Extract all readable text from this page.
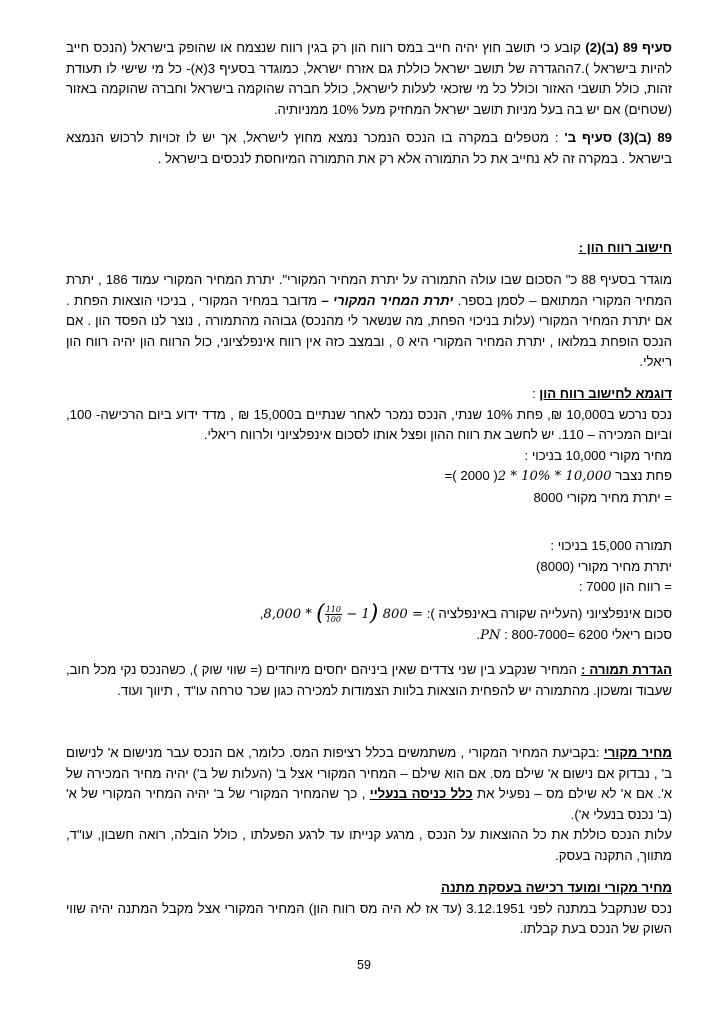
סעיף 89 (ב)(2) קובע כי תושב חוץ יהיה חייב במס רווח הון רק בגין רווח שנצמח או שהופק בישראל (הנכס חייב להיות בישראל ).7ההגדרה של תושב ישראל כוללת גם אזרח ישראל, כמוגדר בסעיף 3(א)- כל מי שישי לו תעודת זהות, כולל תושבי האזור וכולל כל מי שזכאי לעלות לישראל, כולל חברה שהוקמה בישראל וחברה שהוקמה באזור (שטחים) אם יש בה בעל מניות תושב ישראל המחזיק מעל 10% ממניותיה.

89 (ב)(3) סעיף ב' : מטפלים במקרה בו הנכס הנמכר נמצא מחוץ לישראל, אך יש לו זכויות לרכוש הנמצא בישראל . במקרה זה לא נחייב את כל התמורה אלא רק את התמורה המיוחסת לנכסים בישראל .

חישוב רווח הון :

מוגדר בסעיף 88 כ" הסכום שבו עולה התמורה על יתרת המחיר המקורי". יתרת המחיר המקורי עמוד 186 , יתרת המחיר המקורי המתואם – לסמן בספר. יתרת המחיר המקורי – מדובר במחיר המקורי , בניכוי הוצאות הפחת . אם יתרת המחיר המקורי (עלות בניכוי הפחת, מה שנשאר לי מהנכס) גבוהה מהתמורה , נוצר לנו הפסד הון . אם הנכס הופחת במלואו , יתרת המחיר המקורי היא 0 , ובמצב כזה אין רווח אינפלציוני, כול הרווח הון יהיה רווח הון ריאלי.

דוגמא לחישוב רווח הון :

נכס נרכש ב10,000 ₪, פחת 10% שנתי, הנכס נמכר לאחר שנתיים ב15,000 ₪ , מדד ידוע ביום הרכישה- 100, וביום המכירה – 110. יש לחשב את רווח ההון ופצל אותו לסכום אינפלציוני ולרווח ריאלי.

מחיר מקורי 10,000 בניכוי :
פחת נצבר 2 * 10% * 10,000=( 2000 )
= יתרת מחיר מקורי 8000
תמורה 15,000 בניכוי :
יתרת מחיר מקורי (8000)
= רווח הון 7000 :
סכום אינפלציוני (העלייה שקורה באינפלציה ): 8,000 * ( $\frac{110}{100} - 1$) 800 =,
סכום ריאלי PN : 800-7000= 6200.

הגדרת תמורה : המחיר שנקבע בין שני צדדים שאין ביניהם יחסים מיוחדים (= שווי שוק ), כשהנכס נקי מכל חוב, שעבוד ומשכון. מהתמורה יש להפחית הוצאות בלוות הצמודות למכירה כגון שכר טרחה עו"ד , תיווך ועוד.

מחיר מקורי :בקביעת המחיר המקורי , משתמשים בכלל רציפות המס. כלומר, אם הנכס עבר מנישום א' לנישום ב' , נבדוק אם נישום א' שילם מס. אם הוא שילם – המחיר המקורי אצל ב' (העלות של ב') יהיה מחיר המכירה של א'. אם א' לא שילם מס – נפעיל את כלל כניסה בנעליי , כך שהמחיר המקורי של ב' יהיה המחיר המקורי של א' (ב' נכנס בנעלי א').

עלות הנכס כוללת את כל ההוצאות על הנכס , מרגע קנייתו עד לרגע הפעלתו , כולל הובלה, רואה חשבון, עו"ד, מתווך, התקנה בעסק.

מחיר מקורי ומועד רכישה בעסקת מתנה

נכס שנתקבל במתנה לפני 3.12.1951 (עד אז לא היה מס רווח הון) המחיר המקורי אצל מקבל המתנה יהיה שווי השוק של הנכס בעת קבלתו.

59
